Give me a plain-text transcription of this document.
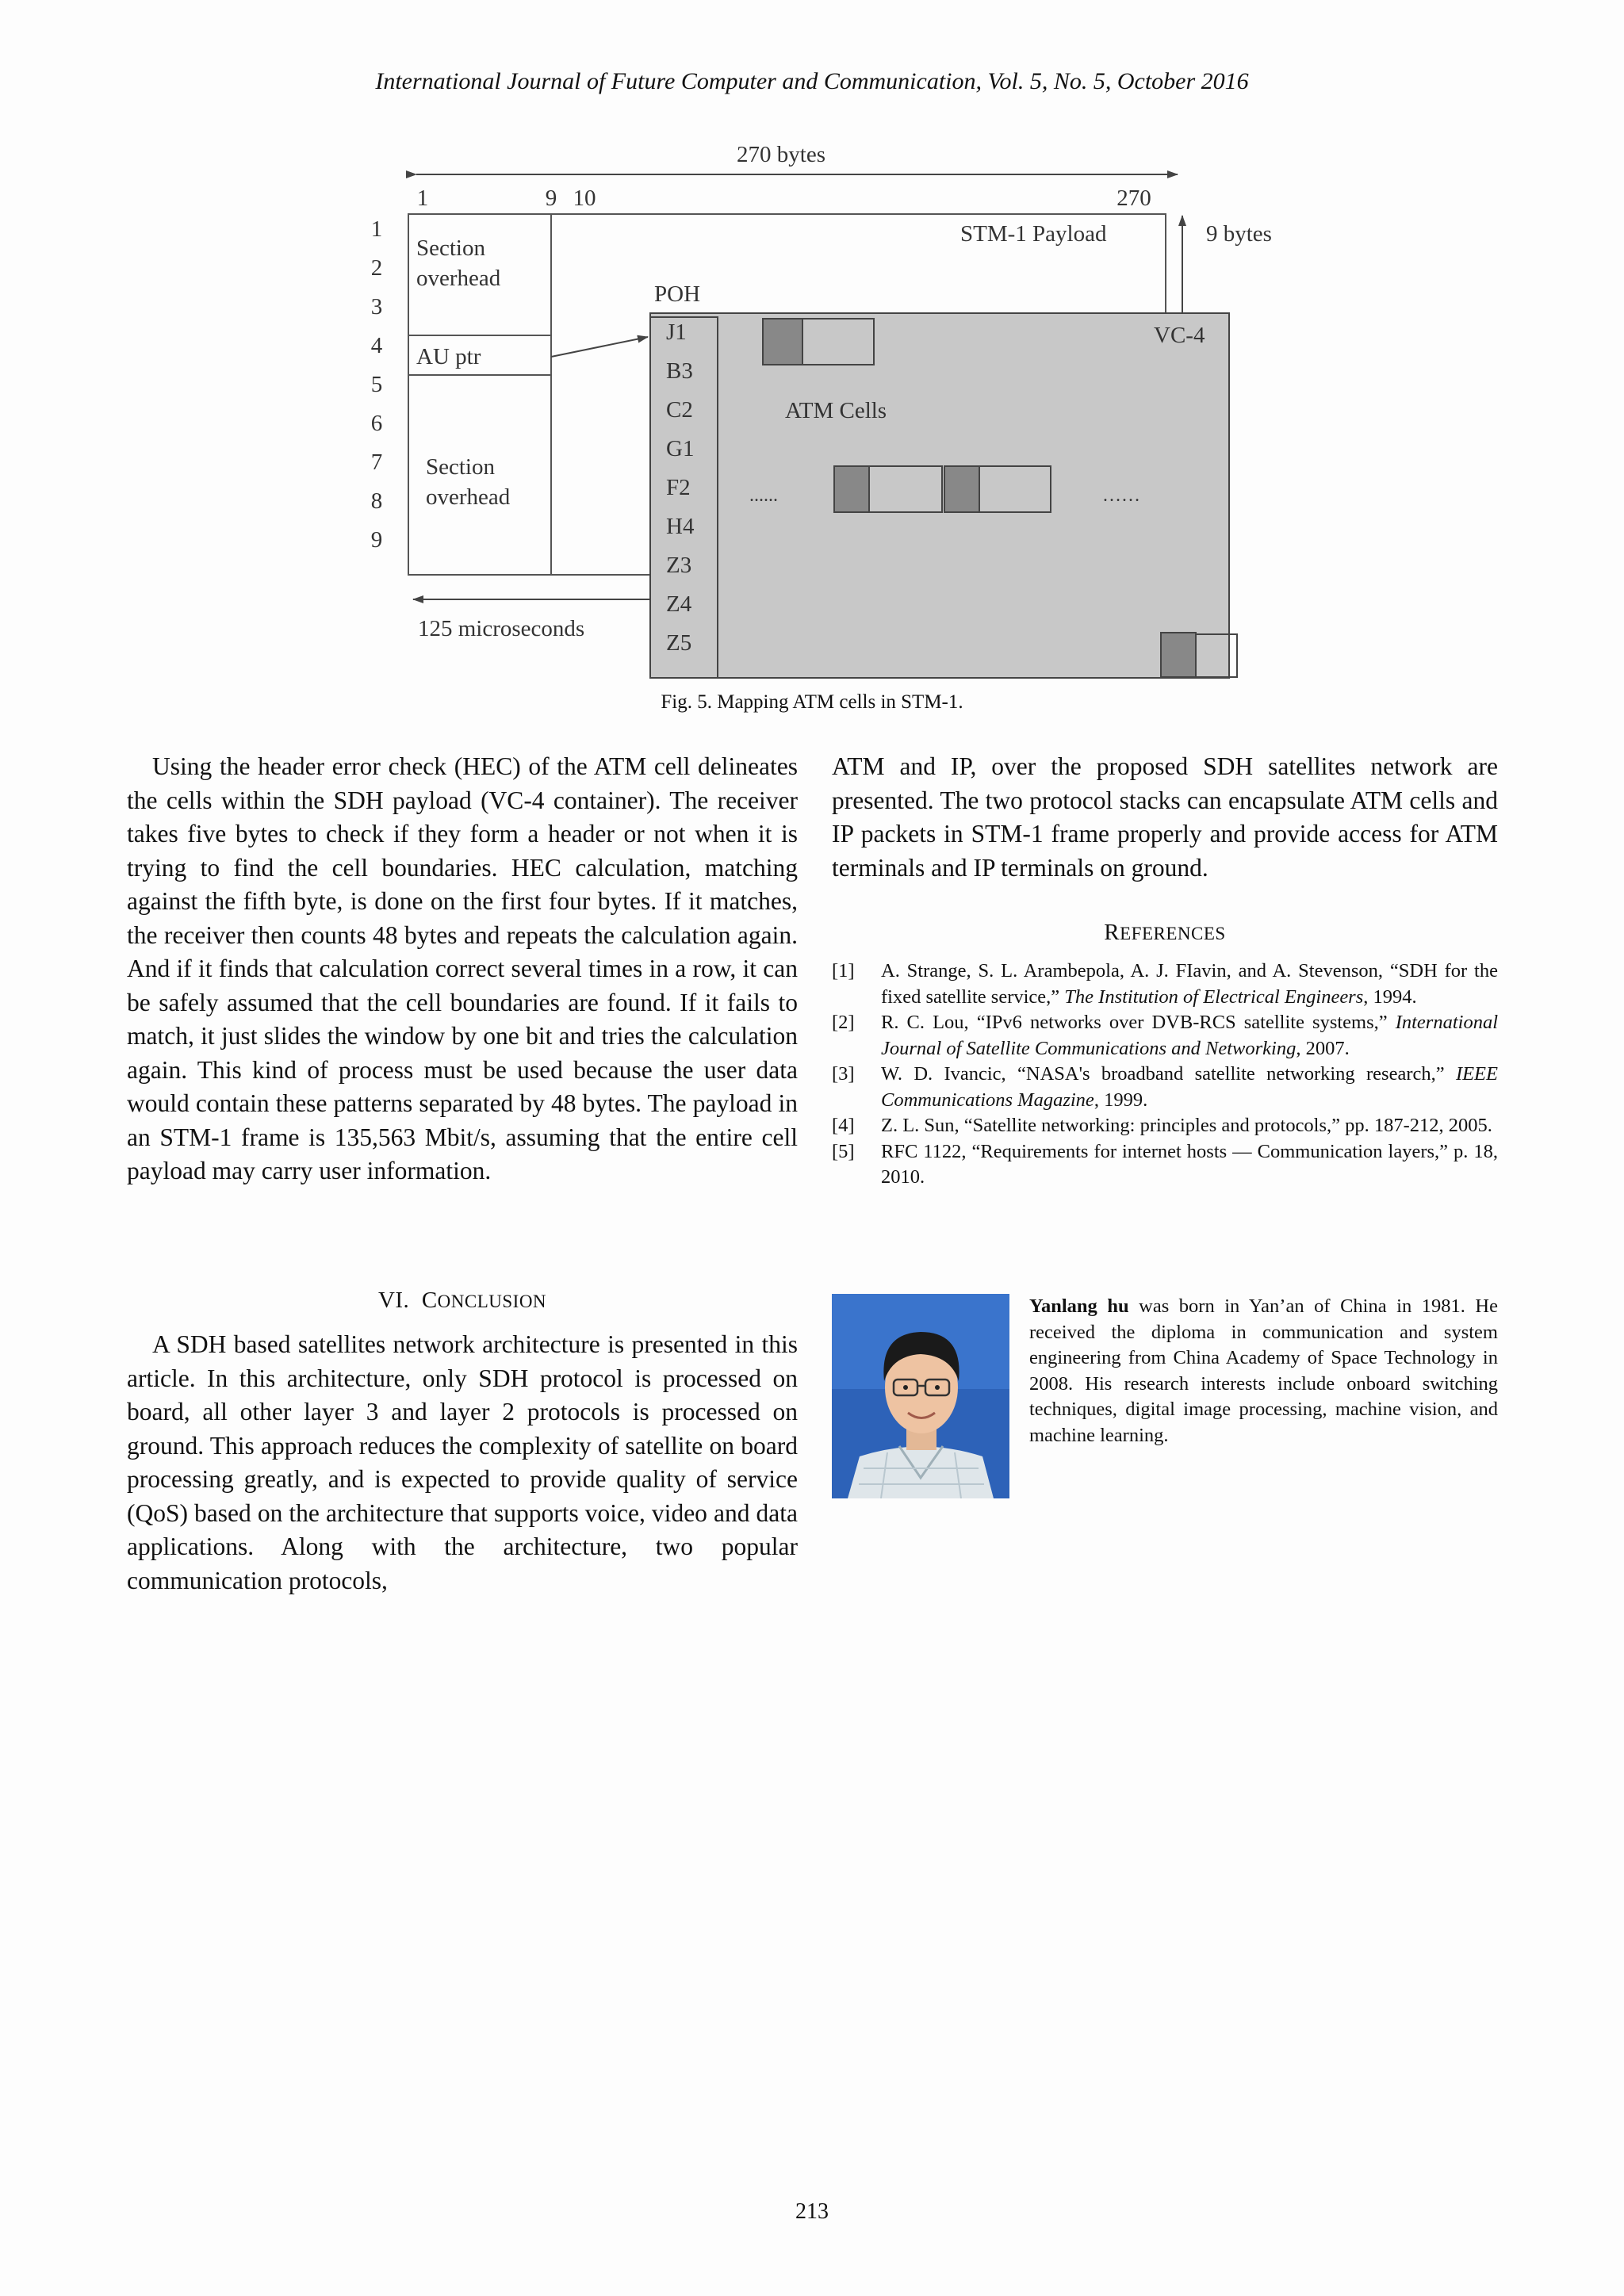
International Journal of Future Computer and Communication, Vol. 5, No. 5, October 2016
270 bytes
1	9 10	270
1
2
3
4
5
6
7
8
9
Section
overhead
AU ptr
Section
overhead
STM-1 Payload	9 bytes
POH
J1
B3
C2
G1
F2
H4
Z3
Z4
Z5
VC-4
ATM Cells
......	……
125 microseconds
Fig. 5. Mapping ATM cells in STM-1.

Using the header error check (HEC) of the ATM cell delineates the cells within the SDH payload (VC-4 container). The receiver takes five bytes to check if they form a header or not when it is trying to find the cell boundaries. HEC calculation, matching against the fifth byte, is done on the first four bytes. If it matches, the receiver then counts 48 bytes and repeats the calculation again. And if it finds that calculation correct several times in a row, it can be safely assumed that the cell boundaries are found. If it fails to match, it just slides the window by one bit and tries the calculation again. This kind of process must be used because the user data would contain these patterns separated by 48 bytes. The payload in an STM-1 frame is 135,563 Mbit/s, assuming that the entire cell payload may carry user information.

VI. CONCLUSION

A SDH based satellites network architecture is presented in this article. In this architecture, only SDH protocol is processed on board, all other layer 3 and layer 2 protocols is processed on ground. This approach reduces the complexity of satellite on board processing greatly, and is expected to provide quality of service (QoS) based on the architecture that supports voice, video and data applications. Along with the architecture, two popular communication protocols,

ATM and IP, over the proposed SDH satellites network are presented. The two protocol stacks can encapsulate ATM cells and IP packets in STM-1 frame properly and provide access for ATM terminals and IP terminals on ground.

REFERENCES
[1] A. Strange, S. L. Arambepola, A. J. FIavin, and A. Stevenson, “SDH for the fixed satellite service,” The Institution of Electrical Engineers, 1994.
[2] R. C. Lou, “IPv6 networks over DVB-RCS satellite systems,” International Journal of Satellite Communications and Networking, 2007.
[3] W. D. Ivancic, “NASA's broadband satellite networking research,” IEEE Communications Magazine, 1999.
[4] Z. L. Sun, “Satellite networking: principles and protocols,” pp. 187-212, 2005.
[5] RFC 1122, “Requirements for internet hosts — Communication layers,” p. 18, 2010.
Yanlang hu was born in Yan’an of China in 1981. He received the diploma in communication and system engineering from China Academy of Space Technology in 2008. His research interests include onboard switching techniques, digital image processing, machine vision, and machine learning.
213
